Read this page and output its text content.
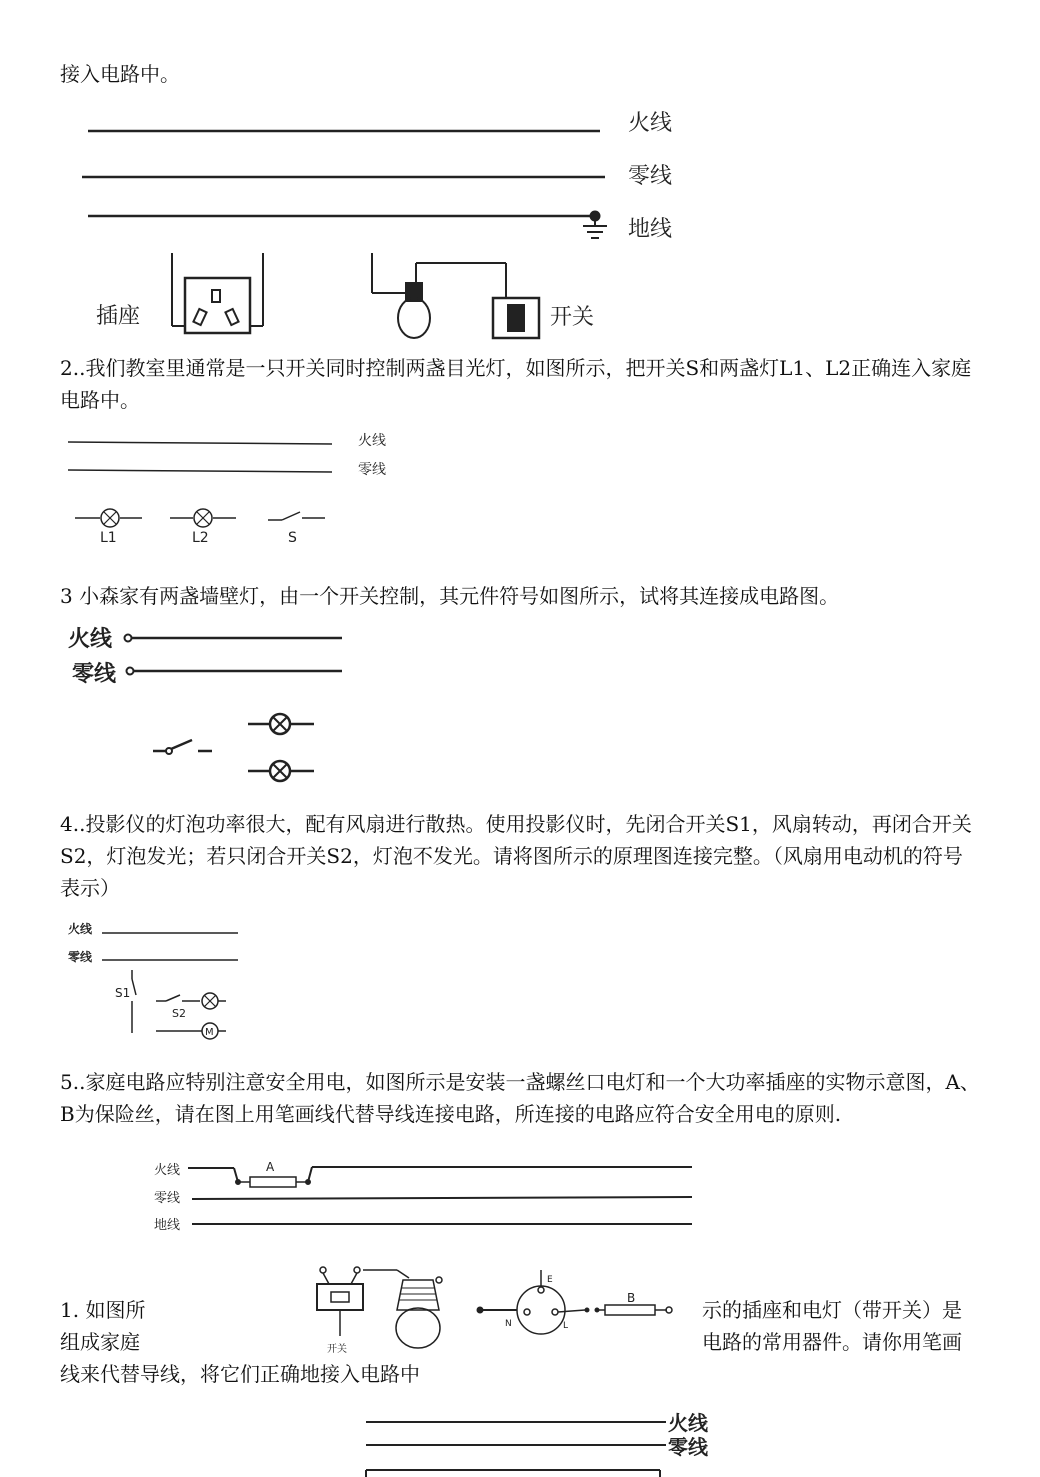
接入电路中。

火线
零线
地线
插座	开关

2..我们教室里通常是一只开关同时控制两盏目光灯，如图所示，把开关S和两盏灯L1、L2正确连入家庭电路中。

火线
零线
L1	L2	S

3 小森家有两盏墙壁灯，由一个开关控制，其元件符号如图所示，试将其连接成电路图。

火线
零线

4..投影仪的灯泡功率很大，配有风扇进行散热。使用投影仪时，先闭合开关S1，风扇转动，再闭合开关S2，灯泡发光；若只闭合开关S2，灯泡不发光。请将图所示的原理图连接完整。（风扇用电动机的符号表示）

火线
零线
S1
S2
M

5..家庭电路应特别注意安全用电，如图所示是安装一盏螺丝口电灯和一个大功率插座的实物示意图，A、B为保险丝，请在图上用笔画线代替导线连接电路，所连接的电路应符合安全用电的原则.

火线	A
零线
地线

1. 如图所

组成家庭

示的插座和电灯（带开关）是

电路的常用器件。请你用笔画

线来代替导线，将它们正确地接入电路中

开关
N
E
L
B
火线
零线
